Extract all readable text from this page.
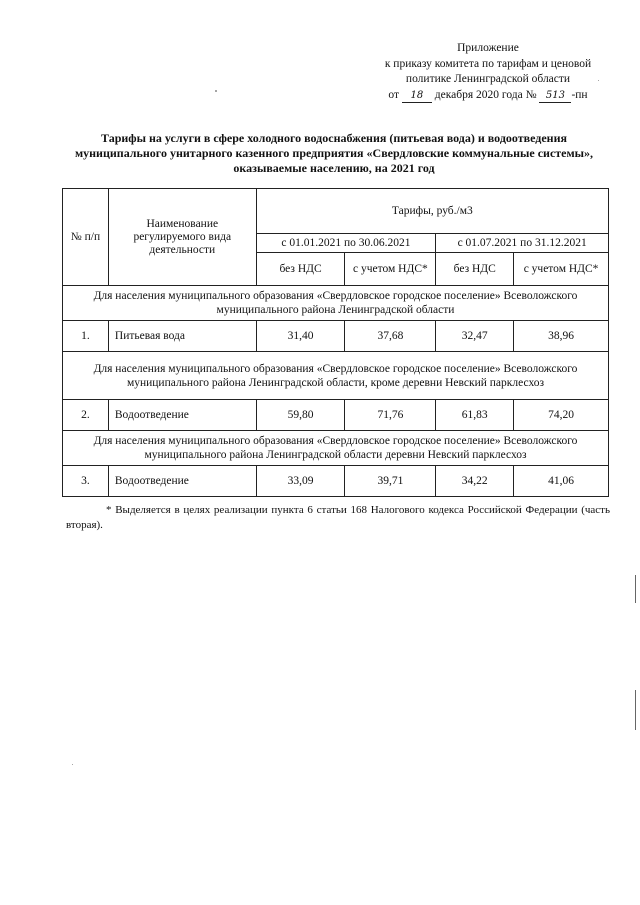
Приложение
к приказу комитета по тарифам и ценовой
политике Ленинградской области
от 18 декабря 2020 года № 513 -пн
Тарифы на услуги в сфере холодного водоснабжения (питьевая вода) и водоотведения муниципального унитарного казенного предприятия «Свердловские коммунальные системы», оказываемые населению, на 2021 год
№ п/п	Наименование регулируемого вида деятельности	Тарифы, руб./м3			
		с 01.01.2021 по 30.06.2021		с 01.07.2021 по 31.12.2021	
		без НДС	с учетом НДС*	без НДС	с учетом НДС*
Для населения муниципального образования «Свердловское городское поселение» Всеволожского муниципального района Ленинградской области					
1.	Питьевая вода	31,40	37,68	32,47	38,96
Для населения муниципального образования «Свердловское городское поселение» Всеволожского муниципального района Ленинградской области, кроме деревни Невский парклесхоз					
2.	Водоотведение	59,80	71,76	61,83	74,20
Для населения муниципального образования «Свердловское городское поселение» Всеволожского муниципального района Ленинградской области деревни Невский парклесхоз					
3.	Водоотведение	33,09	39,71	34,22	41,06
* Выделяется в целях реализации пункта 6 статьи 168 Налогового кодекса Российской Федерации (часть вторая).
